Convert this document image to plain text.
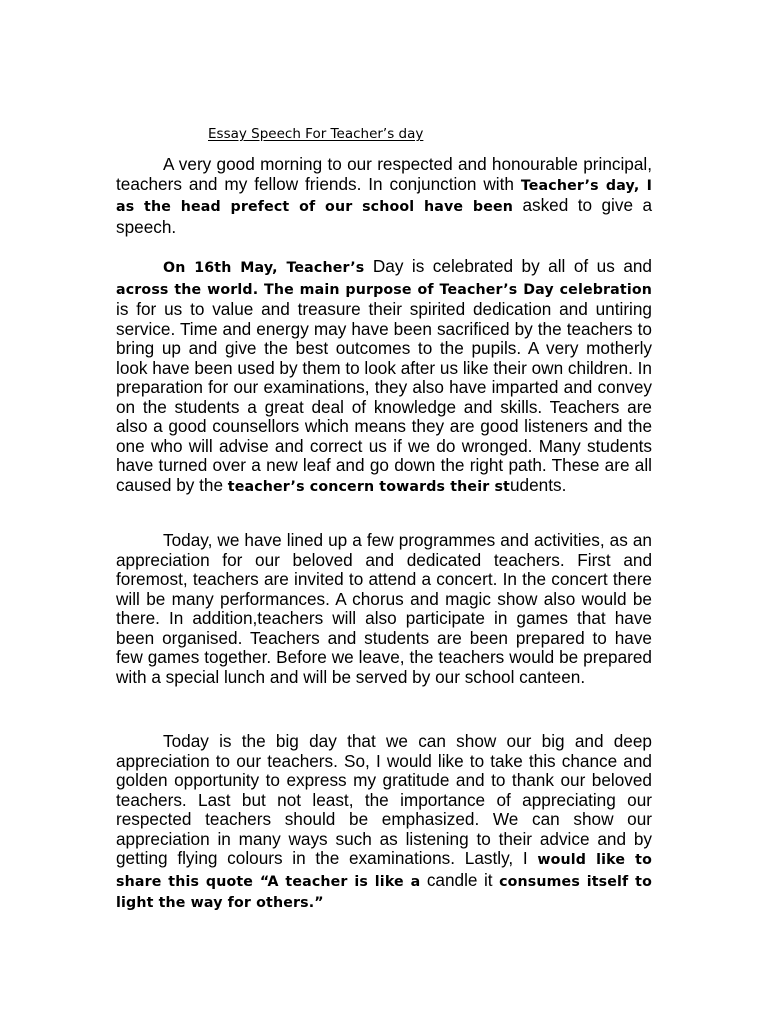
Essay Speech For Teacher’s day

A very good morning to our respected and honourable principal, teachers and my fellow friends. In conjunction with Teacher’s day, I as the head prefect of our school have been asked to give a speech.

On 16th May, Teacher’s Day is celebrated by all of us and across the world. The main purpose of Teacher’s Day celebration is for us to value and treasure their spirited dedication and untiring service. Time and energy may have been sacrificed by the teachers to bring up and give the best outcomes to the pupils. A very motherly look have been used by them to look after us like their own children. In preparation for our examinations, they also have imparted and convey on the students a great deal of knowledge and skills. Teachers are also a good counsellors which means they are good listeners and the one who will advise and correct us if we do wronged. Many students have turned over a new leaf and go down the right path. These are all caused by the teacher’s concern towards their students.

Today, we have lined up a few programmes and activities, as an appreciation for our beloved and dedicated teachers. First and foremost, teachers are invited to attend a concert. In the concert there will be many performances. A chorus and magic show also would be there. In addition,teachers will also participate in games that have been organised. Teachers and students are been prepared to have few games together. Before we leave, the teachers would be prepared with a special lunch and will be served by our school canteen.

Today is the big day that we can show our big and deep appreciation to our teachers. So, I would like to take this chance and golden opportunity to express my gratitude and to thank our beloved teachers. Last but not least, the importance of appreciating our respected teachers should be emphasized. We can show our appreciation in many ways such as listening to their advice and by getting flying colours in the examinations. Lastly, I would like to share this quote “A teacher is like a candle it consumes itself to light the way for others.”
